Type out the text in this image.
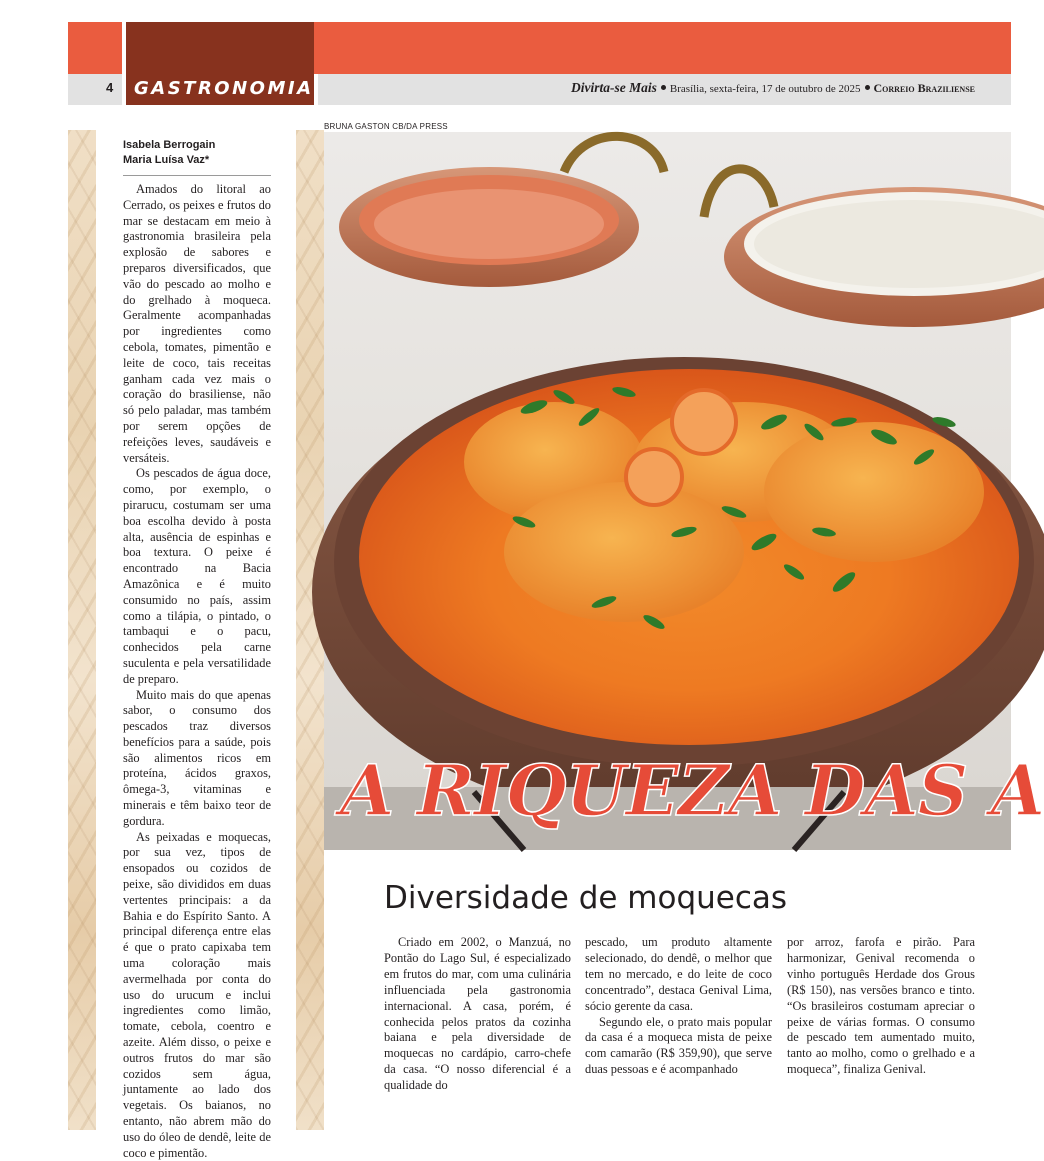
4 GASTRONOMIA	Divirta-se Mais Brasília, sexta-feira, 17 de outubro de 2025 Correio Braziliense
Isabela Berrogain
Maria Luísa Vaz*

Amados do litoral ao Cerrado, os peixes e frutos do mar se destacam em meio à gastronomia brasileira pela explosão de sabores e preparos diversificados, que vão do pescado ao molho e do grelhado à moqueca. Geralmente acompanhadas por ingredientes como cebola, tomates, pimentão e leite de coco, tais receitas ganham cada vez mais o coração do brasiliense, não só pelo paladar, mas também por serem opções de refeições leves, saudáveis e versáteis.

Os pescados de água doce, como, por exemplo, o pirarucu, costumam ser uma boa escolha devido à posta alta, ausência de espinhas e boa textura. O peixe é encontrado na Bacia Amazônica e é muito consumido no país, assim como a tilápia, o pintado, o tambaqui e o pacu, conhecidos pela carne suculenta e pela versatilidade de preparo.

Muito mais do que apenas sabor, o consumo dos pescados traz diversos benefícios para a saúde, pois são alimentos ricos em proteína, ácidos graxos, ômega-3, vitaminas e minerais e têm baixo teor de gordura.

As peixadas e moquecas, por sua vez, tipos de ensopados ou cozidos de peixe, são divididos em duas vertentes principais: a da Bahia e do Espírito Santo. A principal diferença entre elas é que o prato capixaba tem uma coloração mais avermelhada por conta do uso do urucum e inclui ingredientes como limão, tomate, cebola, coentro e azeite. Além disso, o peixe e outros frutos do mar são cozidos sem água, juntamente ao lado dos vegetais. Os baianos, no entanto, não abrem mão do uso do óleo de dendê, leite de coco e pimentão.

BRUNA GASTON CB/DA PRESS
A RIQUEZA DAS A
Diversidade de moquecas

Criado em 2002, o Manzuá, no Pontão do Lago Sul, é especializado em frutos do mar, com uma culinária influenciada pela gastronomia internacional. A casa, porém, é conhecida pelos pratos da cozinha baiana e pela diversidade de moquecas no cardápio, carro-chefe da casa. “O nosso diferencial é a qualidade do

pescado, um produto altamente selecionado, do dendê, o melhor que tem no mercado, e do leite de coco concentrado”, destaca Genival Lima, sócio gerente da casa.

Segundo ele, o prato mais popular da casa é a moqueca mista de peixe com camarão (R$ 359,90), que serve duas pessoas e é acompanhado

por arroz, farofa e pirão. Para harmonizar, Genival recomenda o vinho português Herdade dos Grous (R$ 150), nas versões branco e tinto. “Os brasileiros costumam apreciar o peixe de várias formas. O consumo de pescado tem aumentado muito, tanto ao molho, como o grelhado e a moqueca”, finaliza Genival.
